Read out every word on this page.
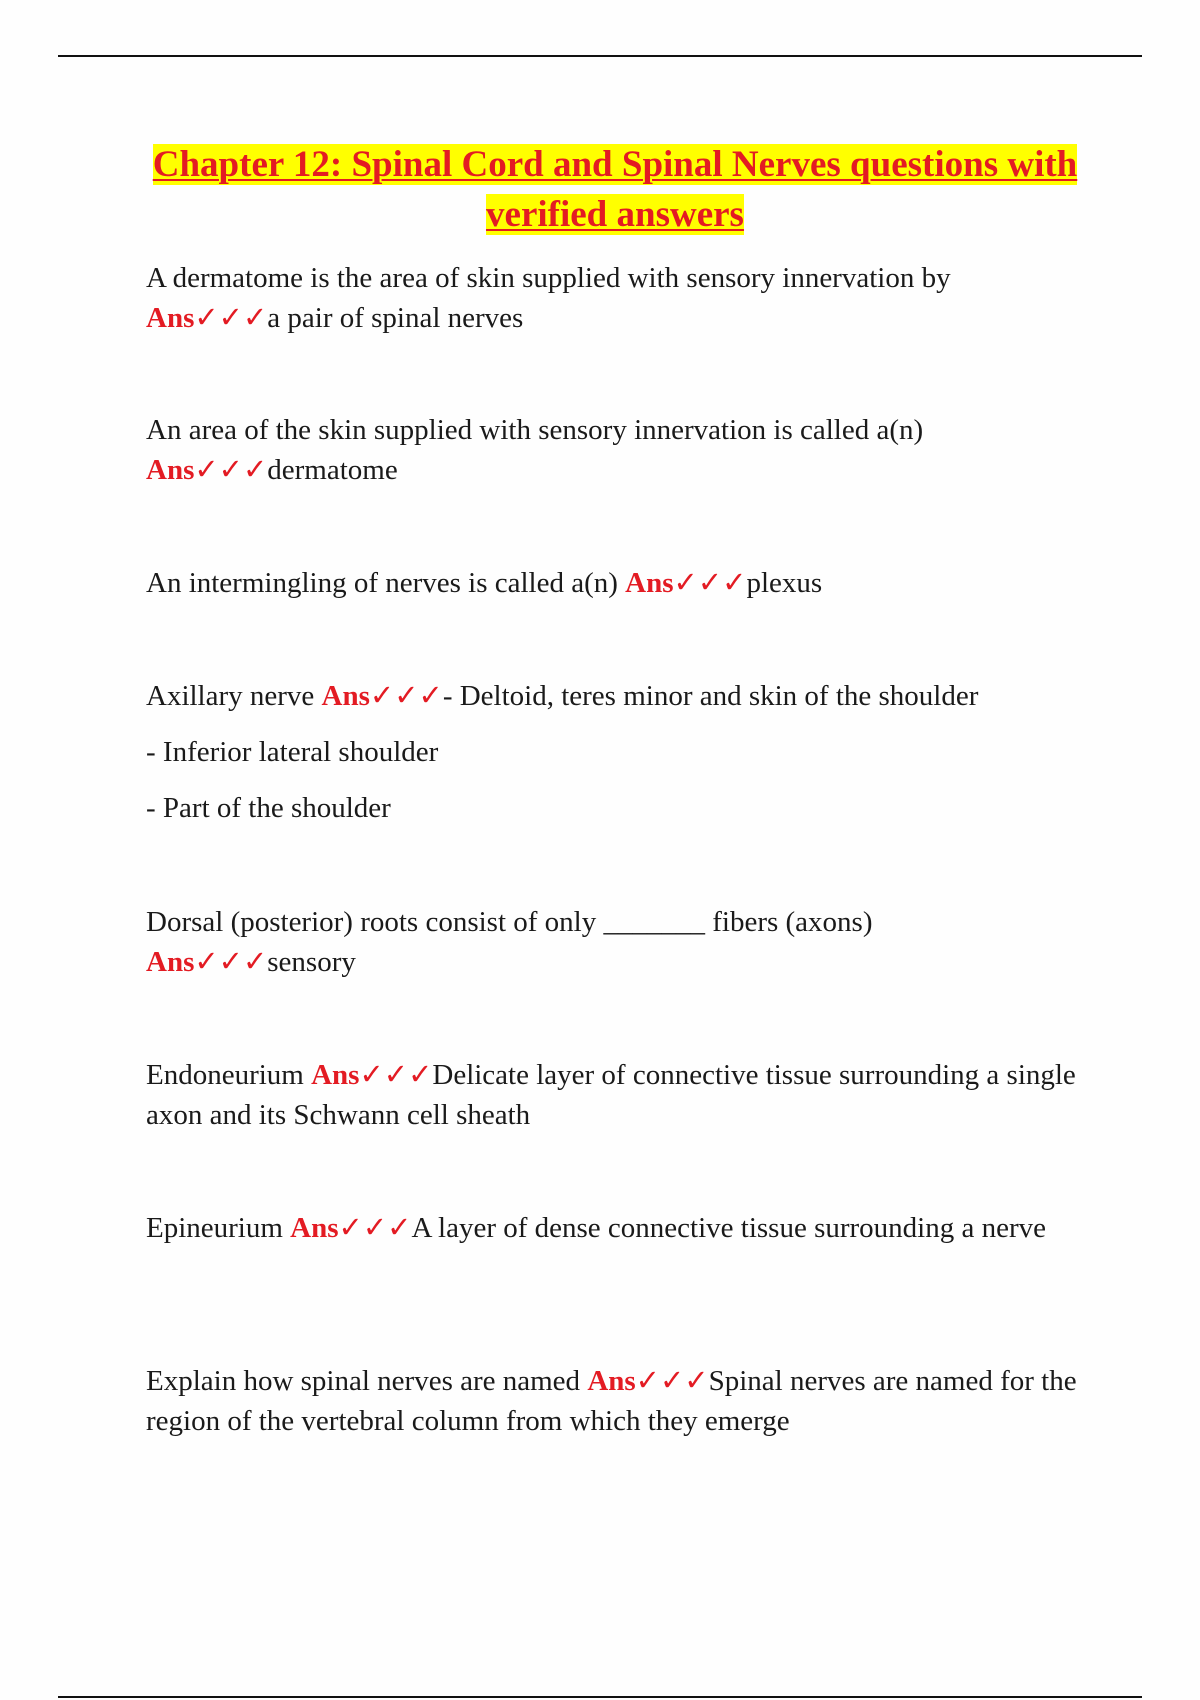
Chapter 12: Spinal Cord and Spinal Nerves questions with verified answers

A dermatome is the area of skin supplied with sensory innervation by
Ans✓✓✓a pair of spinal nerves

An area of the skin supplied with sensory innervation is called a(n)
Ans✓✓✓dermatome

An intermingling of nerves is called a(n) Ans✓✓✓plexus

Axillary nerve Ans✓✓✓- Deltoid, teres minor and skin of the shoulder

- Inferior lateral shoulder

- Part of the shoulder

Dorsal (posterior) roots consist of only _______ fibers (axons)
Ans✓✓✓sensory

Endoneurium Ans✓✓✓Delicate layer of connective tissue surrounding a single axon and its Schwann cell sheath

Epineurium Ans✓✓✓A layer of dense connective tissue surrounding a nerve

Explain how spinal nerves are named Ans✓✓✓Spinal nerves are named for the region of the vertebral column from which they emerge
